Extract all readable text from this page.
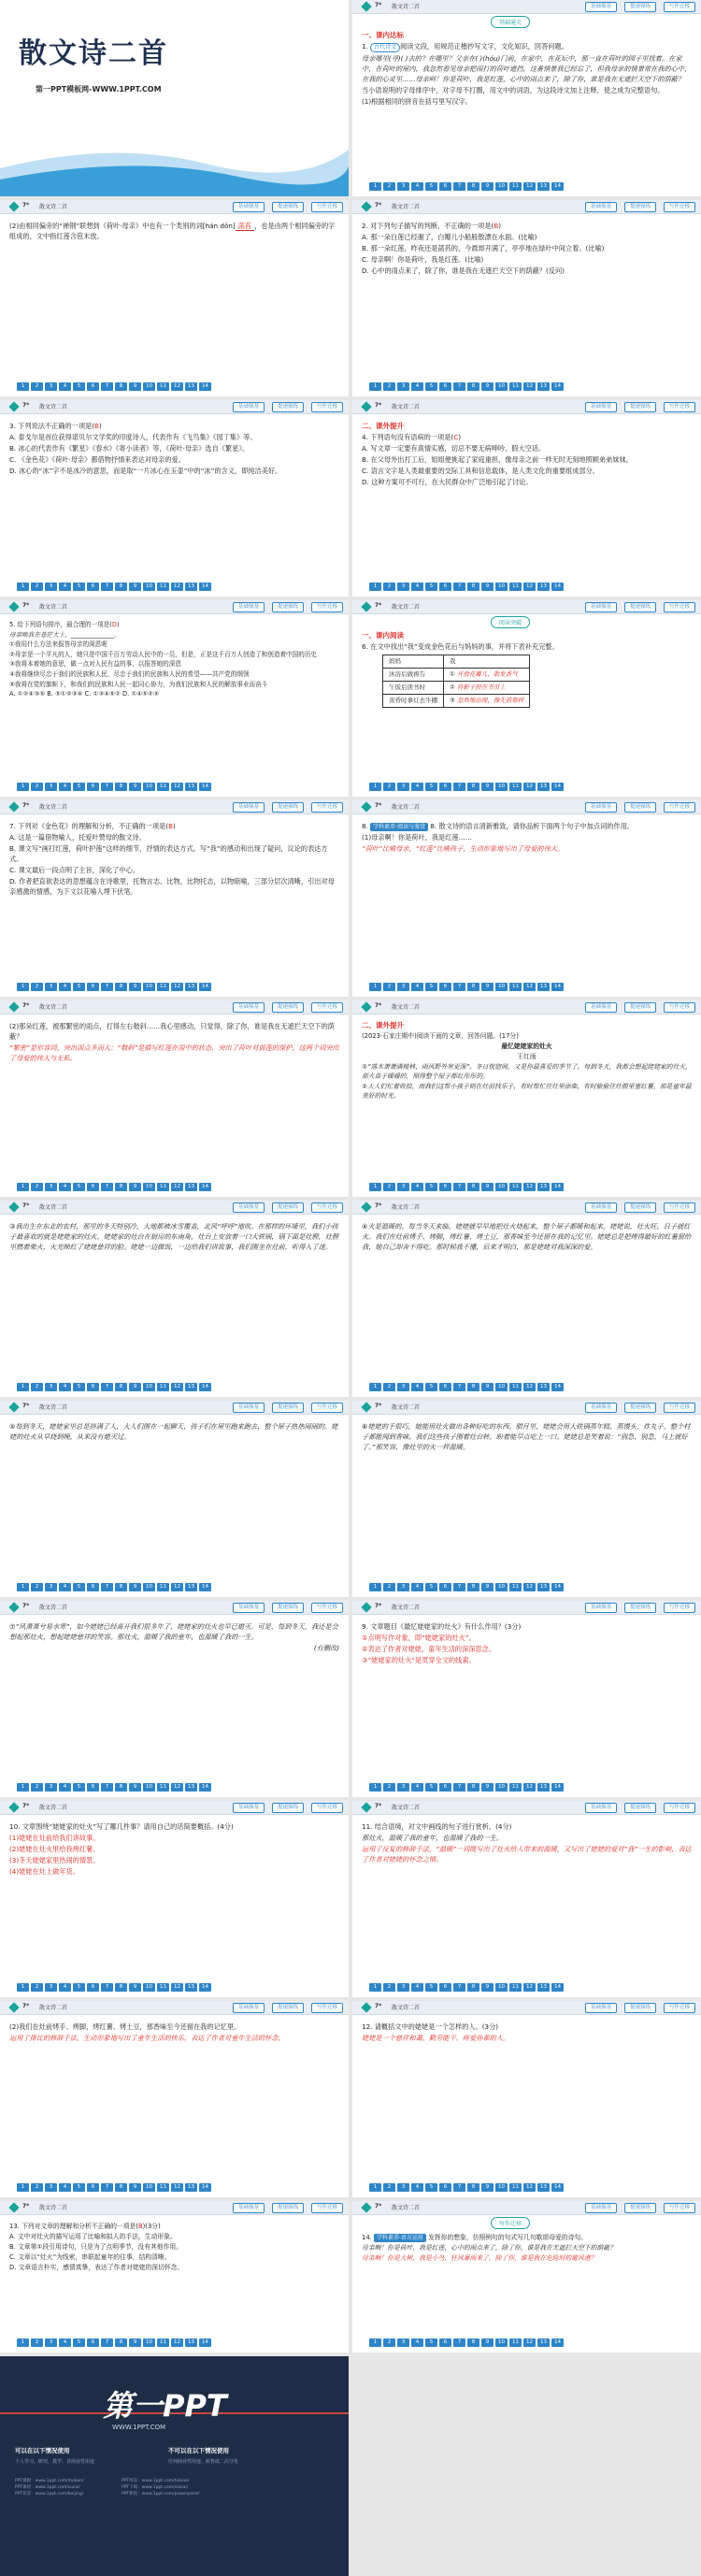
散文诗二首
第一PPT模板网-WWW.1PPT.COM
7* 散文诗二首	基础强基	提速强练	写作迁移
基础通关

一、课内达标

1. 古代诗文 阅读文段，用规范正楷抄写文字，文化知识，回答问题。

母亲哪里(寻)( )去的？在哪里？父亲在( )(hóu)门前，在家中，在花坛中，那一直在荷叶的园子里找着。在家中，在荷叶的屋内，我忽然看见母亲把雨打的荷叶遮挡，这番情景我已经忘了，但我母亲的情景常在我的心中，在我的心灵里……母亲呵！你是荷叶，我是红莲，心中的雨点来了，除了你，谁是我在无遮拦天空下的荫蔽？

当小语说明的字母排序中，对字母不打圈，用文中的词语，为这段诗文加上注释，使之成为完整语句。

(1)根据相同的拼音在括号里写汉字。

1	2	3	4	5	6	7	8	9	10	11	12	13	14
7* 散文诗二首	基础强基	提速强练	写作迁移

(2)由相同偏旁的“禅钢”联想到《荷叶·母亲》中也有一个类别的词[hán dǒn] 菡萏 ，也是由两个相同偏旁的字组成的，文中指红莲含苞未放。

1	2	3	4	5	6	7	8	9	10	11	12	13	14
7* 散文诗二首	基础强基	提速强练	写作迁移

2. 对下列句子描写的判断，不正确的一项是(B)

A. 那一朵白莲已经谢了，白瓣儿小船般散漂在水面。(比喻)

B. 那一朵红莲，昨夜还是菡萏的，今晨却开满了，亭亭地在绿叶中间立着。(比喻)

C. 母亲啊！你是荷叶，我是红莲。(比喻)

D. 心中的雨点来了，除了你，谁是我在无遮拦天空下的荫蔽？(反问)

1	2	3	4	5	6	7	8	9	10	11	12	13	14
7* 散文诗二首	基础强基	提速强练	写作迁移

3. 下列说法不正确的一项是(B)

A. 泰戈尔是首位获得诺贝尔文学奖的印度诗人，代表作有《飞鸟集》《园丁集》等。

B. 冰心的代表作有《繁星》《春水》《寄小读者》等，《荷叶·母亲》选自《繁星》。

C. 《金色花》《荷叶·母亲》都借物抒情来表达对母亲的爱。

D. 冰心的“冰”字不是冰冷的意思，而是取“一片冰心在玉壶”中的“冰”的含义，即纯洁美好。

1	2	3	4	5	6	7	8	9	10	11	12	13	14
7* 散文诗二首	基础强基	提速强练	写作迁移

二、课外提升

4. 下列语句没有语病的一项是(C)

A. 写文章一定要有真情实感，切忌不要无病呻吟、假大空话。

B. 在父母外出打工后，姐姐便挑起了家庭重担，像母亲之前一样无时无刻地照顾弟弟妹妹。

C. 语言文字是人类最重要的交际工具和信息载体，是人类文化的重要组成部分。

D. 这种方案可不可行，在大民群众中广泛地引起了讨论。

1	2	3	4	5	6	7	8	9	10	11	12	13	14
7* 散文诗二首	基础强基	提速强练	写作迁移

5. 给下列语句排序，最合理的一项是(D)

母亲唤我在苍茫大上，______________。

①我用什么方法来报答母亲的深恩呢

②母亲是一个平凡的人，她只是中国千百万劳动人民中的一员，但是，正是这千百万人创造了和创造着中国的历史

③我将本着她的意思，做一点对人民有益的事，以报答她的深恩

④我将继续尽忠于我们的民族和人民，尽忠于我们的民族和人民的希望——共产党的纲领

⑤我将在党的旗帜下，和我们的民族和人民一起同心协力，为我们民族和人民的解放事业而奋斗

A. ①②④③⑤ B. ⑤①②③④ C. ①③④⑤② D. ①④⑤②③

1	2	3	4	5	6	7	8	9	10	11	12	13	14
7* 散文诗二首	基础强基	提速强练	写作迁移
阅读突破

一、课内阅读

6. 在文中找出“我”变成金色花后与妈妈的事，并将下表补充完整。

妈妈	我
沐浴后做祷告	① 开放花瓣儿，散发香气
午饭后读书时	② 将影子投在书页上
黄昏时拿灯去牛棚	③ 忽然地出现，像先前那样
1	2	3	4	5	6	7	8	9	10	11	12	13	14
7* 散文诗二首	基础强基	提速强练	写作迁移

7. 下列对《金色花》的理解和分析，不正确的一项是(B)

A. 这是一篇借物喻人，托爱叶赞母的散文诗。

B. 课文写“画打红莲，荷叶护莲”这样的细节，抒情的表达方式。写“我”的感动和出现了疑问，议论的表达方式。

C. 课文最后一段点明了主旨，深化了中心。

D. 作者把直欲表达的思想蕴含在诗歌里，托物言志、比物，比物托志，以物暗喻，三部分层次清晰，引出对母亲感激的情感，为下文以花喻人埋下伏笔。

1	2	3	4	5	6	7	8	9	10	11	12	13	14
7* 散文诗二首	基础强基	提速强练	写作迁移

8. 学科素养·阅读与鉴赏 8. 散文诗的语言清新雅致，请你品析下面两个句子中加点词的作用。

(1)母亲啊！你是荷叶，我是红莲……

“荷叶”比喻母亲，“红莲”比喻孩子，生动形象地写出了母爱的伟大。

1	2	3	4	5	6	7	8	9	10	11	12	13	14
7* 散文诗二首	基础强基	提速强练	写作迁移

(2)那朵红莲，被那繁密的雨点，打得左右攲斜……我心里感动，只觉得，除了你，谁是我在无遮拦天空下的荫蔽？

“繁密”是形容词，突出雨点多而大；“攲斜”是描写红莲在雨中的状态，突出了荷叶对弱莲的保护，这两个词突出了母爱的伟大与无私。

1	2	3	4	5	6	7	8	9	10	11	12	13	14
7* 散文诗二首	基础强基	提速强练	写作迁移

二、课外提升

(2023·石家庄期中)阅读下面的文章，回答问题。(17分)

最忆姥姥家的灶火

王红雨

①“落木萧萧满棱林，雨风野外寒更深”。冬日恍惚间，又是你最喜爱的季节了。每到冬天，我都会想起姥姥家的灶火，那火苗子暖暖的，照得整个屋子都红彤彤的。

②大人们忙着收拾，而我们这帮小孩子则在灶前找乐子，有时帮忙往灶里添柴，有时偷偷往灶膛里塞红薯，那是童年最美好的时光。

1	2	3	4	5	6	7	8	9	10	11	12	13	14
7* 散文诗二首	基础强基	提速强练	写作迁移

③我出生在东北的农村，那里的冬天特别冷，大地都被冰雪覆盖，北风“呼呼”地吹。在那样的环境里，我们小孩子最喜欢的就是姥姥家的灶火。姥姥家的灶台在厨房的东南角，灶台上安放着一口大铁锅，锅下面是灶膛，灶膛里燃着柴火，火光映红了姥姥慈祥的脸。姥姥一边做饭，一边给我们讲故事，我们围坐在灶前，听得入了迷。

1	2	3	4	5	6	7	8	9	10	11	12	13	14
7* 散文诗二首	基础强基	提速强练	写作迁移

④火是温暖的。每当冬天来临，姥姥就早早地把灶火烧起来，整个屋子都暖和起来。姥姥说，灶火旺，日子就红火。我们在灶前烤手、烤脚，烤红薯、烤土豆，那香味至今还留在我的记忆里。姥姥总是把烤得最好的红薯留给我，她自己却舍不得吃。那时候我不懂，后来才明白，那是姥姥对我深深的爱。

1	2	3	4	5	6	7	8	9	10	11	12	13	14
7* 散文诗二首	基础强基	提速强练	写作迁移

⑤每到冬天，姥姥家里总是挤满了人，大人们围在一起聊天，孩子们在屋里跑来跑去，整个屋子热热闹闹的。姥姥的灶火从早烧到晚，从来没有熄灭过。

1	2	3	4	5	6	7	8	9	10	11	12	13	14
7* 散文诗二首	基础强基	提速强练	写作迁移

⑥姥姥的手很巧，她能用灶火做出各种好吃的东西。腊月里，姥姥会用大铁锅蒸年糕、蒸馒头、炸丸子，整个村子都能闻到香味。我们这些孩子围着灶台转，盼着能早点吃上一口。姥姥总是笑着说：“别急，别急，马上就好了。”那笑容，像灶里的火一样温暖。

1	2	3	4	5	6	7	8	9	10	11	12	13	14
7* 散文诗二首	基础强基	提速强练	写作迁移

⑦“风萧萧兮易水寒”，如今姥姥已经离开我们很多年了，姥姥家的灶火也早已熄灭。可是，每到冬天，我还是会想起那灶火，想起姥姥慈祥的笑容。那灶火，温暖了我的童年，也温暖了我的一生。

(有删改)

1	2	3	4	5	6	7	8	9	10	11	12	13	14
7* 散文诗二首	基础强基	提速强练	写作迁移

9. 文章题目《最忆姥姥家的灶火》有什么作用？(3分)

①点明写作对象，即“姥姥家的灶火”。

②表达了作者对姥姥、童年生活的深深思念。

③“姥姥家的灶火”是贯穿全文的线索。

1	2	3	4	5	6	7	8	9	10	11	12	13	14
7* 散文诗二首	基础强基	提速强练	写作迁移

10. 文章围绕“姥姥家的灶火”写了哪几件事？请用自己的话简要概括。(4分)

(1)姥姥在灶前给我们讲故事。

(2)姥姥在灶火里给我烤红薯。

(3)冬天姥姥家里热闹的情景。

(4)姥姥在灶上做年货。

1	2	3	4	5	6	7	8	9	10	11	12	13	14
7* 散文诗二首	基础强基	提速强练	写作迁移

11. 结合语境，对文中画线的句子进行赏析。(4分)

那灶火，温暖了我的童年，也温暖了我的一生。

运用了反复的修辞手法，“温暖”一词既写出了灶火给人带来的温暖，又写出了姥姥的爱对“我”一生的影响，表达了作者对姥姥的怀念之情。

1	2	3	4	5	6	7	8	9	10	11	12	13	14
7* 散文诗二首	基础强基	提速强练	写作迁移

(2)我们在灶前烤手、烤脚，烤红薯、烤土豆，那香味至今还留在我的记忆里。

运用了排比的修辞手法，生动形象地写出了童年生活的快乐，表达了作者对童年生活的怀念。

1	2	3	4	5	6	7	8	9	10	11	12	13	14
7* 散文诗二首	基础强基	提速强练	写作迁移

12. 请概括文中的姥姥是一个怎样的人。(3分)

姥姥是一个慈祥和蔼、勤劳能干、疼爱孙辈的人。

1	2	3	4	5	6	7	8	9	10	11	12	13	14
7* 散文诗二首	基础强基	提速强练	写作迁移

13. 下列对文章的理解和分析不正确的一项是(B)(3分)

A. 文中对灶火的描写运用了比喻和拟人的手法，生动形象。

B. 文章第①段引用诗句，只是为了点明季节，没有其他作用。

C. 文章以“灶火”为线索，串联起童年的往事，结构清晰。

D. 文章语言朴实，感情真挚，表达了作者对姥姥的深切怀念。

1	2	3	4	5	6	7	8	9	10	11	12	13	14
7* 散文诗二首	基础强基	提速强练	写作迁移
写作迁移

14. 学科素养·语言运用 发挥你的想象，仿照例句的句式写几句歌颂母爱的诗句。

母亲啊！你是荷叶，我是红莲，心中的雨点来了，除了你，谁是我在无遮拦天空下的荫蔽？

母亲啊！你是大树，我是小鸟，狂风暴雨来了，除了你，谁是我在危险时的避风港？

1	2	3	4	5	6	7	8	9	10	11	12	13	14
第一PPT
WWW.1PPT.COM
可以在以下情况使用	不可以在以下情况使用
个人学习、研究、教学、非商业性用途	任何商业性用途、转售或二次分发
PPT模板：www.1ppt.com/moban/
PPT素材：www.1ppt.com/sucai/
PPT背景：www.1ppt.com/beijing/
PPT图表：www.1ppt.com/tubiao/
PPT下载：www.1ppt.com/xiazai/
PPT教程：www.1ppt.com/powerpoint/
